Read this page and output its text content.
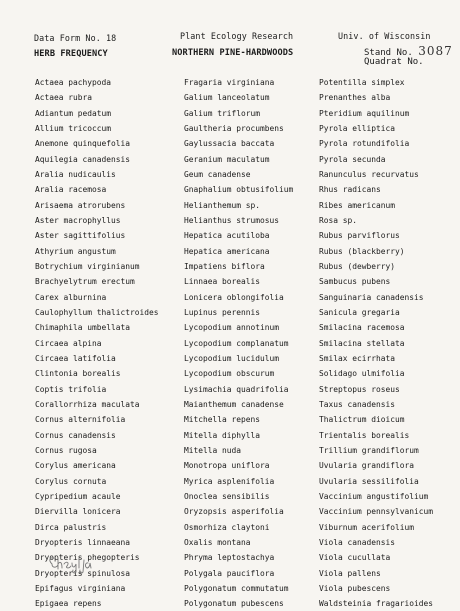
Data Form No. 18	Plant Ecology Research	Univ. of Wisconsin
HERB FREQUENCY	NORTHERN PINE-HARDWOODS	Stand No. 3087
Quadrat No.
Actaea pachypoda
Actaea rubra
Adiantum pedatum
Allium tricoccum
Anemone quinquefolia
Aquilegia canadensis
Aralia nudicaulis
Aralia racemosa
Arisaema atrorubens
Aster macrophyllus
Aster sagittifolius
Athyrium angustum
Botrychium virginianum
Brachyelytrum erectum
Carex alburnina
Caulophyllum thalictroides
Chimaphila umbellata
Circaea alpina
Circaea latifolia
Clintonia borealis
Coptis trifolia
Corallorrhiza maculata
Cornus alternifolia
Cornus canadensis
Cornus rugosa
Corylus americana
Corylus cornuta
Cypripedium acaule
Diervilla lonicera
Dirca palustris
Dryopteris linnaeana
Dryopteris phegopteris
Dryopteris spinulosa
Epifagus virginiana
Epigaea repens
Fragaria virginiana
Galium lanceolatum
Galium triflorum
Gaultheria procumbens
Gaylussacia baccata
Geranium maculatum
Geum canadense
Gnaphalium obtusifolium
Helianthemum sp.
Helianthus strumosus
Hepatica acutiloba
Hepatica americana
Impatiens biflora
Linnaea borealis
Lonicera oblongifolia
Lupinus perennis
Lycopodium annotinum
Lycopodium complanatum
Lycopodium lucidulum
Lycopodium obscurum
Lysimachia quadrifolia
Maianthemum canadense
Mitchella repens
Mitella diphylla
Mitella nuda
Monotropa uniflora
Myrica asplenifolia
Onoclea sensibilis
Oryzopsis asperifolia
Osmorhiza claytoni
Oxalis montana
Phryma leptostachya
Polygala pauciflora
Polygonatum commutatum
Polygonatum pubescens
Potentilla simplex
Prenanthes alba
Pteridium aquilinum
Pyrola elliptica
Pyrola rotundifolia
Pyrola secunda
Ranunculus recurvatus
Rhus radicans
Ribes americanum
Rosa sp.
Rubus parviflorus
Rubus (blackberry)
Rubus (dewberry)
Sambucus pubens
Sanguinaria canadensis
Sanicula gregaria
Smilacina racemosa
Smilacina stellata
Smilax ecirrhata
Solidago ulmifolia
Streptopus roseus
Taxus canadensis
Thalictrum dioicum
Trientalis borealis
Trillium grandiflorum
Uvularia grandiflora
Uvularia sessilifolia
Vaccinium angustifolium
Vaccinium pennsylvanicum
Viburnum acerifolium
Viola canadensis
Viola cucullata
Viola pallens
Viola pubescens
Waldsteinia fragarioides
